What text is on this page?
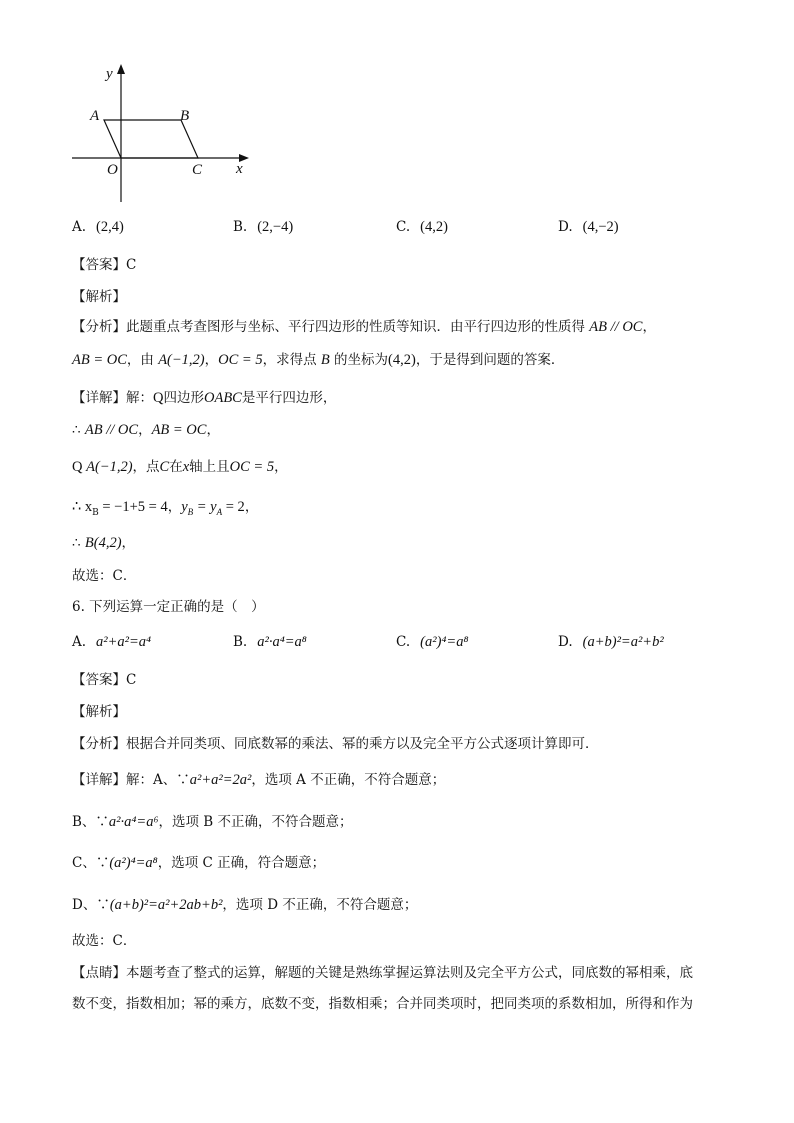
y
x
A	B
C
O
A. (2,4)	B. (2,−4)	C. (4,2)	D. (4,−2)
【答案】C
【解析】
【分析】此题重点考查图形与坐标、平行四边形的性质等知识．由平行四边形的性质得 AB // OC，
AB = OC，由 A(−1,2)，OC = 5，求得点 B 的坐标为(4,2)，于是得到问题的答案．
【详解】解：Q四边形OABC是平行四边形，
∴ AB // OC，AB = OC，
Q A(−1,2)，点C在x轴上且OC = 5，
∴ $x_B = -1+5 = 4$，$y_B = y_A = 2$，
∴ B(4,2)，
故选：C．
6. 下列运算一定正确的是（　）
A. a²+a²=a⁴	B. a²·a⁴=a⁸	C. (a²)⁴=a⁸	D. (a+b)²=a²+b²
【答案】C
【解析】
【分析】根据合并同类项、同底数幂的乘法、幂的乘方以及完全平方公式逐项计算即可．
【详解】解：A、∵a²+a²=2a²，选项 A 不正确，不符合题意；
B、∵a²·a⁴=a⁶，选项 B 不正确，不符合题意；
C、∵(a²)⁴=a⁸，选项 C 正确，符合题意；
D、∵(a+b)²=a²+2ab+b²，选项 D 不正确，不符合题意；
故选：C．
【点睛】本题考查了整式的运算，解题的关键是熟练掌握运算法则及完全平方公式，同底数的幂相乘，底
数不变，指数相加；幂的乘方，底数不变，指数相乘；合并同类项时，把同类项的系数相加，所得和作为
